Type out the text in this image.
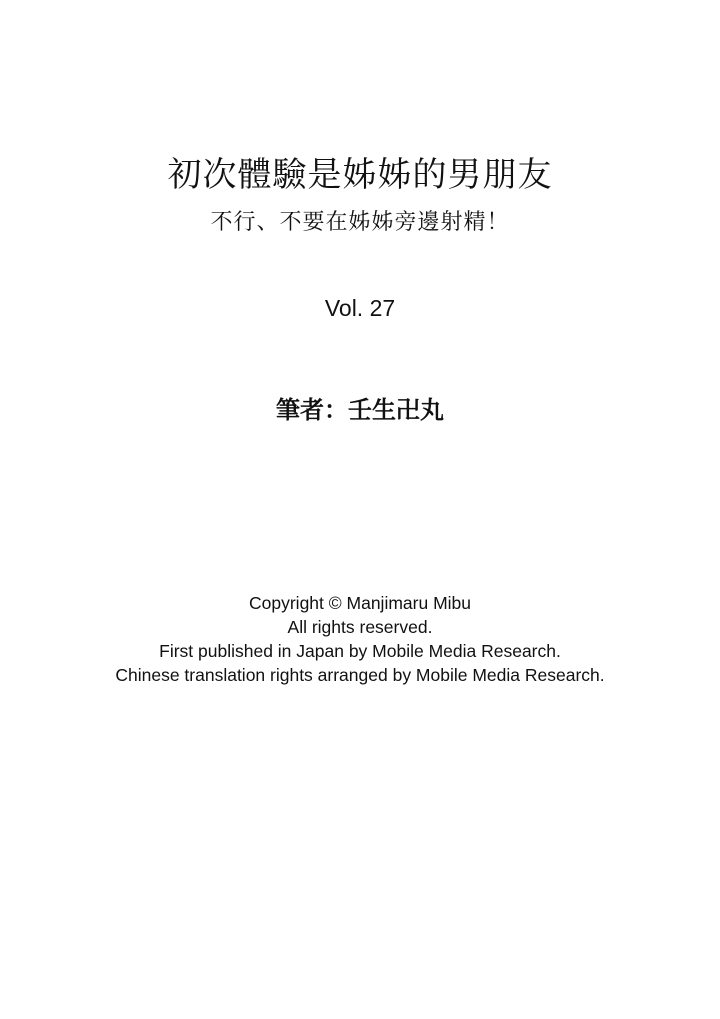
初次體驗是姊姊的男朋友
不行、不要在姊姊旁邊射精！
Vol. 27
筆者：壬生卍丸
Copyright © Manjimaru Mibu
All rights reserved.
First published in Japan by Mobile Media Research.
Chinese translation rights arranged by Mobile Media Research.
